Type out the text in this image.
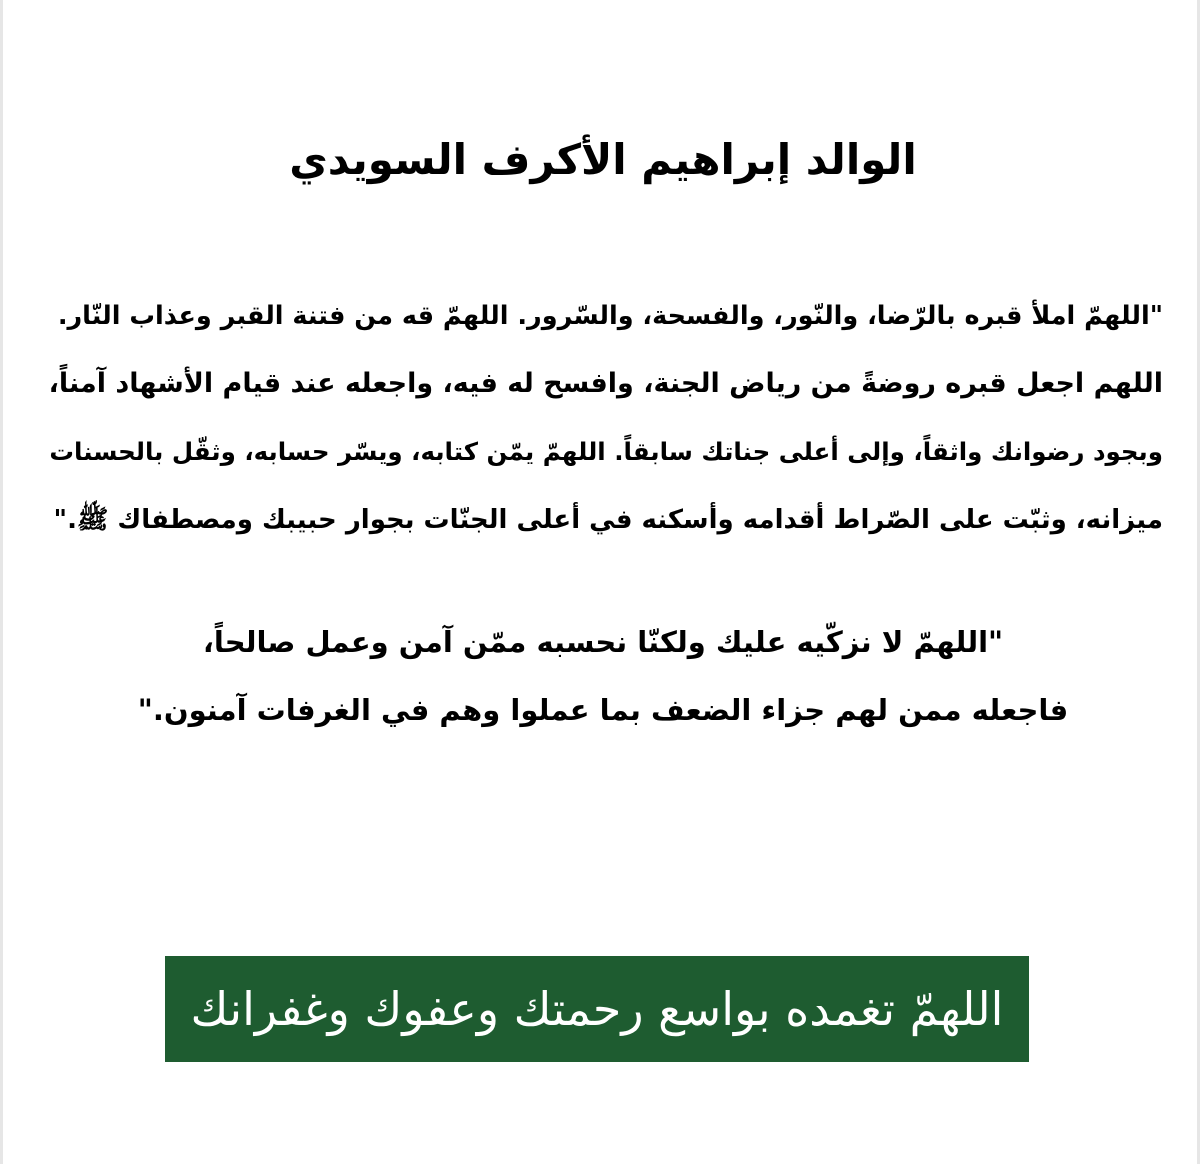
الوالد إبراهيم الأكرف السويدي
"اللهمّ املأ قبره بالرّضا، والنّور، والفسحة، والسّرور. اللهمّ قه من فتنة القبر وعذاب النّار.
اللهم اجعل قبره روضةً من رياض الجنة، وافسح له فيه، واجعله عند قيام الأشهاد آمناً،
وبجود رضوانك واثقاً، وإلى أعلى جناتك سابقاً. اللهمّ يمّن كتابه، ويسّر حسابه، وثقّل بالحسنات
ميزانه، وثبّت على الصّراط أقدامه وأسكنه في أعلى الجنّات بجوار حبيبك ومصطفاك ﷺ."
"اللهمّ لا نزكّيه عليك ولكنّا نحسبه ممّن آمن وعمل صالحاً،
فاجعله ممن لهم جزاء الضعف بما عملوا وهم في الغرفات آمنون."
اللهمّ تغمده بواسع رحمتك وعفوك وغفرانك
